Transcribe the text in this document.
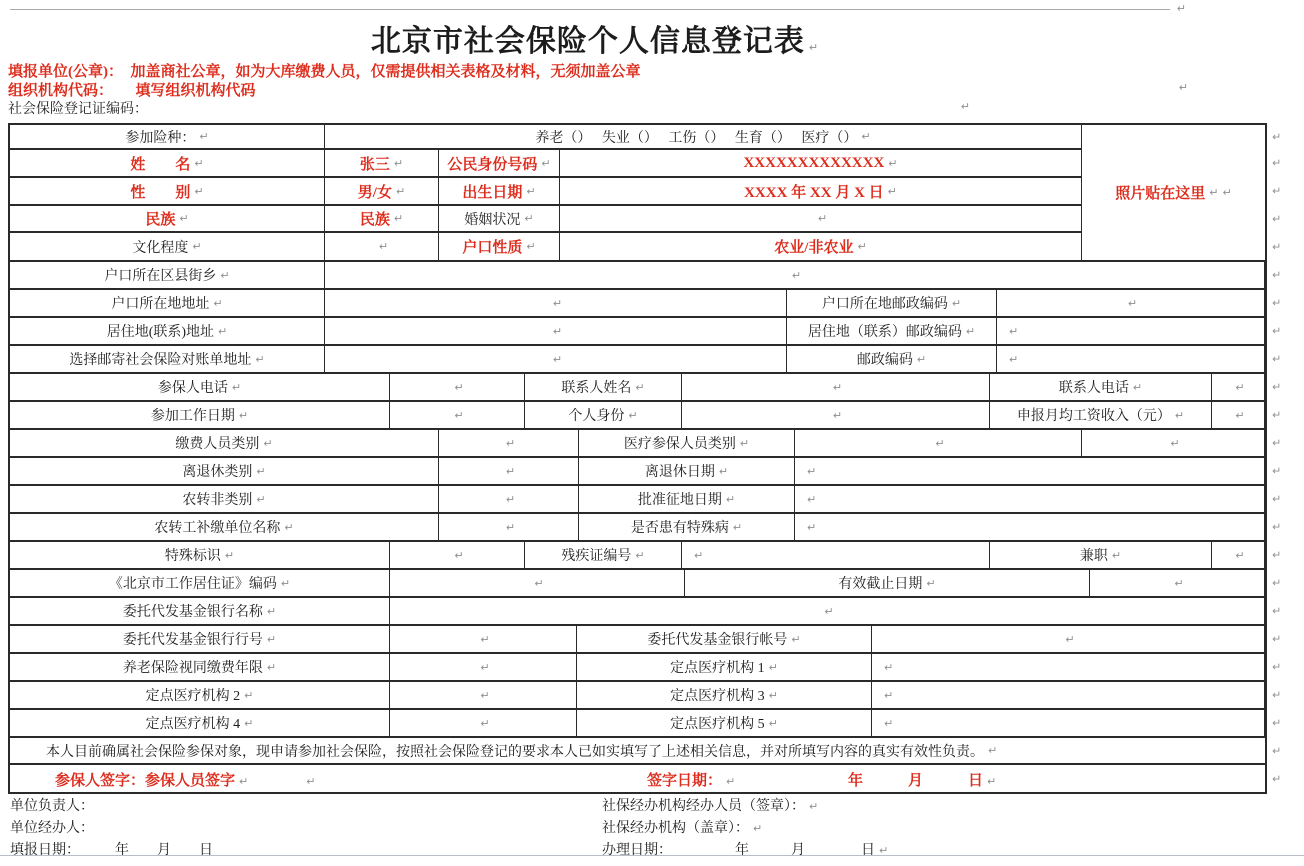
↵
北京市社会保险个人信息登记表 ↵
填报单位(公章)：　加盖商社公章，如为大库缴费人员，仅需提供相关表格及材料，无须加盖公章
组织机构代码：　　填写组织机构代码	↵
社会保险登记证编码：	↵
参加险种： ↵	养老（）　 失业（）　 工伤（）　 生育（）　 医疗（） ↵	↵
姓　　名 ↵	张三 ↵	公民身份号码 ↵	XXXXXXXXXXXXX ↵	↵
性　　别 ↵	男/女 ↵	出生日期 ↵	XXXX 年 XX 月 X 日 ↵	↵
民族 ↵	民族 ↵	婚姻状况 ↵	↵	↵
文化程度 ↵	↵	户口性质 ↵	农业/非农业 ↵	↵
照片贴在这里 ↵ ↵
户口所在区县街乡 ↵	↵	↵
户口所在地地址 ↵	↵	户口所在地邮政编码 ↵	↵	↵
居住地(联系)地址 ↵	↵	居住地（联系）邮政编码 ↵	↵	↵
选择邮寄社会保险对账单地址 ↵	↵	邮政编码 ↵	↵	↵
参保人电话 ↵	↵	联系人姓名 ↵	↵	联系人电话 ↵	↵ ↵
参加工作日期 ↵	↵	个人身份 ↵	↵	申报月均工资收入（元） ↵	↵ ↵
缴费人员类别 ↵	↵	医疗参保人员类别 ↵	↵	↵	↵
离退休类别 ↵	↵	离退休日期 ↵	↵	↵
农转非类别 ↵	↵	批准征地日期 ↵	↵	↵
农转工补缴单位名称 ↵	↵	是否患有特殊病 ↵	↵	↵
特殊标识 ↵	↵	残疾证编号 ↵	↵	兼职 ↵	↵ ↵
《北京市工作居住证》编码 ↵	↵	有效截止日期 ↵	↵	↵
委托代发基金银行名称 ↵	↵	↵
委托代发基金银行行号 ↵	↵	委托代发基金银行帐号 ↵	↵	↵
养老保险视同缴费年限 ↵	↵	定点医疗机构 1 ↵	↵	↵
定点医疗机构 2 ↵	↵	定点医疗机构 3 ↵	↵	↵
定点医疗机构 4 ↵	↵	定点医疗机构 5 ↵	↵	↵
　　本人目前确属社会保险参保对象，现申请参加社会保险，按照社会保险登记的要求本人已如实填写了上述相关信息，并对所填写内容的真实有效性负责。 ↵	↵
参保人签字：参保人员签字 ↵	↵	签字日期： ↵	年　　　月　　　日 ↵	↵
单位负责人：
单位经办人：
填报日期：　　　年　　月　　日
社保经办机构经办人员（签章）： ↵
社保经办机构（盖章）： ↵
办理日期：　　　　　年　　　月　　　　日 ↵
